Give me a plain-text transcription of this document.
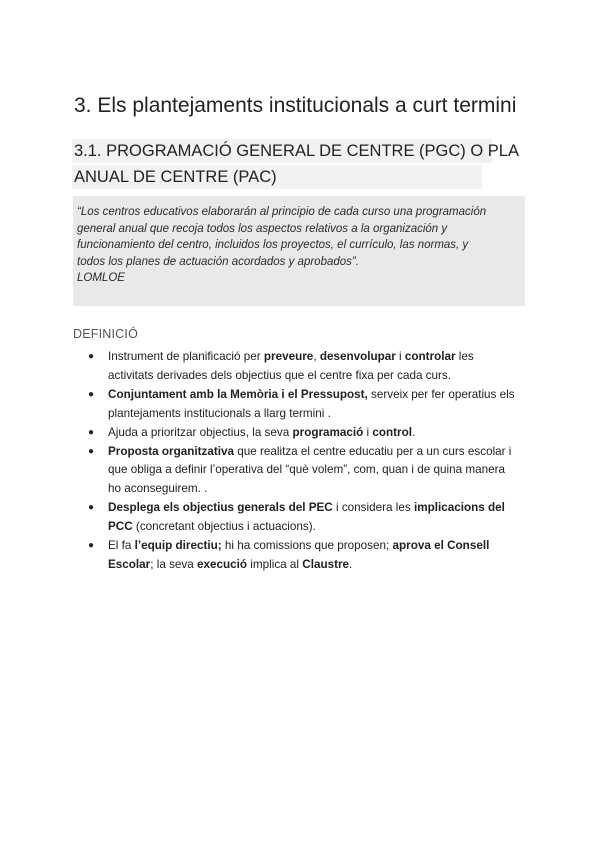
3. Els plantejaments institucionals a curt termini
3.1. PROGRAMACIÓ GENERAL DE CENTRE (PGC) O PLA
ANUAL DE CENTRE (PAC)

“Los centros educativos elaborarán al principio de cada curso una programación

general anual que recoja todos los aspectos relativos a la organización y

funcionamiento del centro, incluidos los proyectos, el currículo, las normas, y

todos los planes de actuación acordados y aprobados”.

LOMLOE

DEFINICIÓ
● Instrument de planificació per preveure, desenvolupar i controlar les
activitats derivades dels objectius que el centre fixa per cada curs.
● Conjuntament amb la Memòria i el Pressupost, serveix per fer operatius els
plantejaments institucionals a llarg termini .
● Ajuda a prioritzar objectius, la seva programació i control.
● Proposta organitzativa que realitza el centre educatiu per a un curs escolar i
que obliga a definir l’operativa del “què volem”, com, quan i de quina manera
ho aconseguirem. .
● Desplega els objectius generals del PEC i considera les implicacions del
PCC (concretant objectius i actuacions).
● El fa l’equip directiu; hi ha comissions que proposen; aprova el Consell
Escolar; la seva execució implica al Claustre.
